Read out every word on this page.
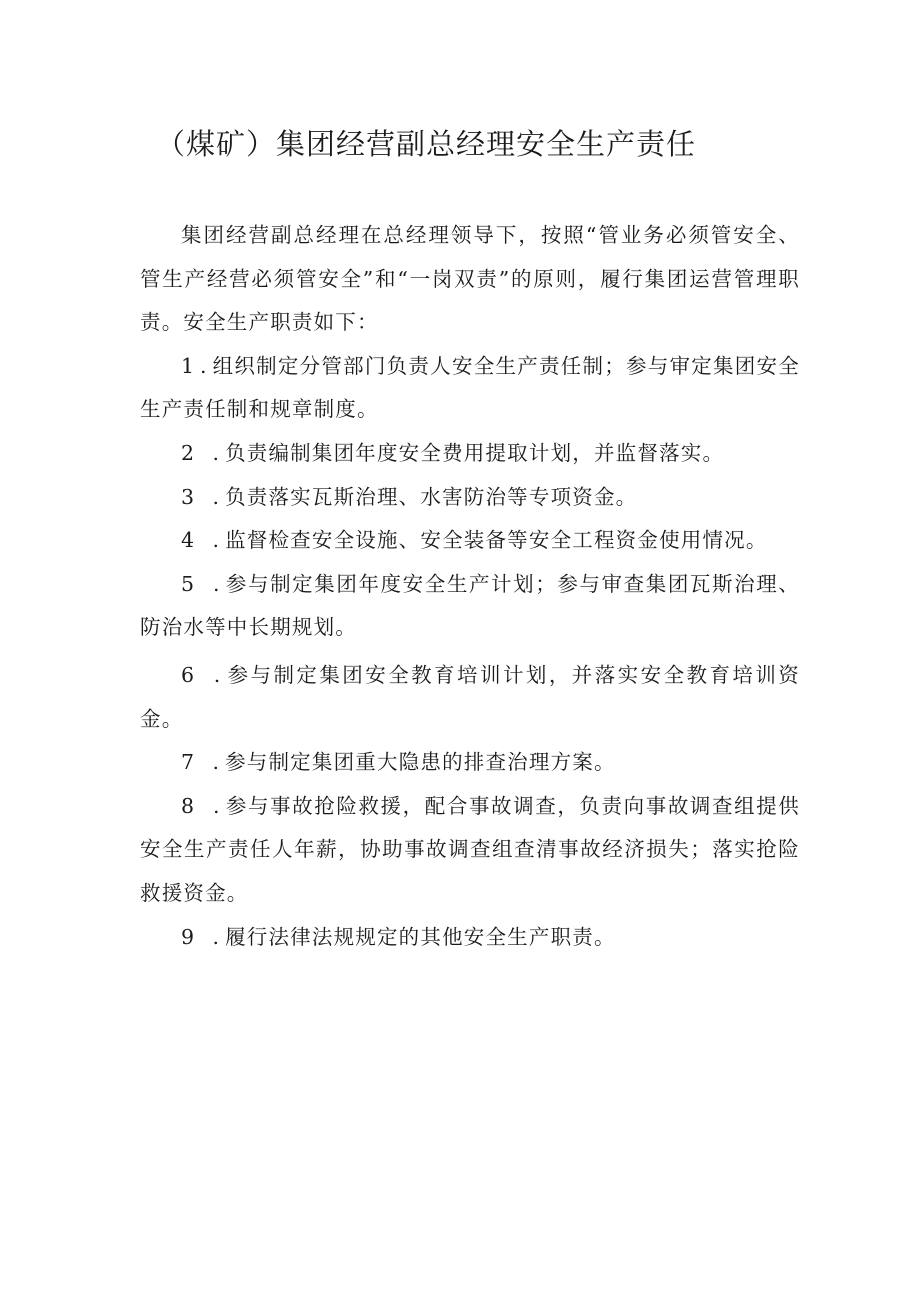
（煤矿）集团经营副总经理安全生产责任

集团经营副总经理在总经理领导下，按照“管业务必须管安全、管生产经营必须管安全”和“一岗双责”的原则，履行集团运营管理职责。安全生产职责如下：

1.组织制定分管部门负责人安全生产责任制；参与审定集团安全生产责任制和规章制度。

2 .负责编制集团年度安全费用提取计划，并监督落实。

3 .负责落实瓦斯治理、水害防治等专项资金。

4 .监督检查安全设施、安全装备等安全工程资金使用情况。

5 .参与制定集团年度安全生产计划；参与审查集团瓦斯治理、防治水等中长期规划。

6 .参与制定集团安全教育培训计划，并落实安全教育培训资金。

7 .参与制定集团重大隐患的排查治理方案。

8 .参与事故抢险救援，配合事故调查，负责向事故调查组提供安全生产责任人年薪，协助事故调查组查清事故经济损失；落实抢险救援资金。

9 .履行法律法规规定的其他安全生产职责。
